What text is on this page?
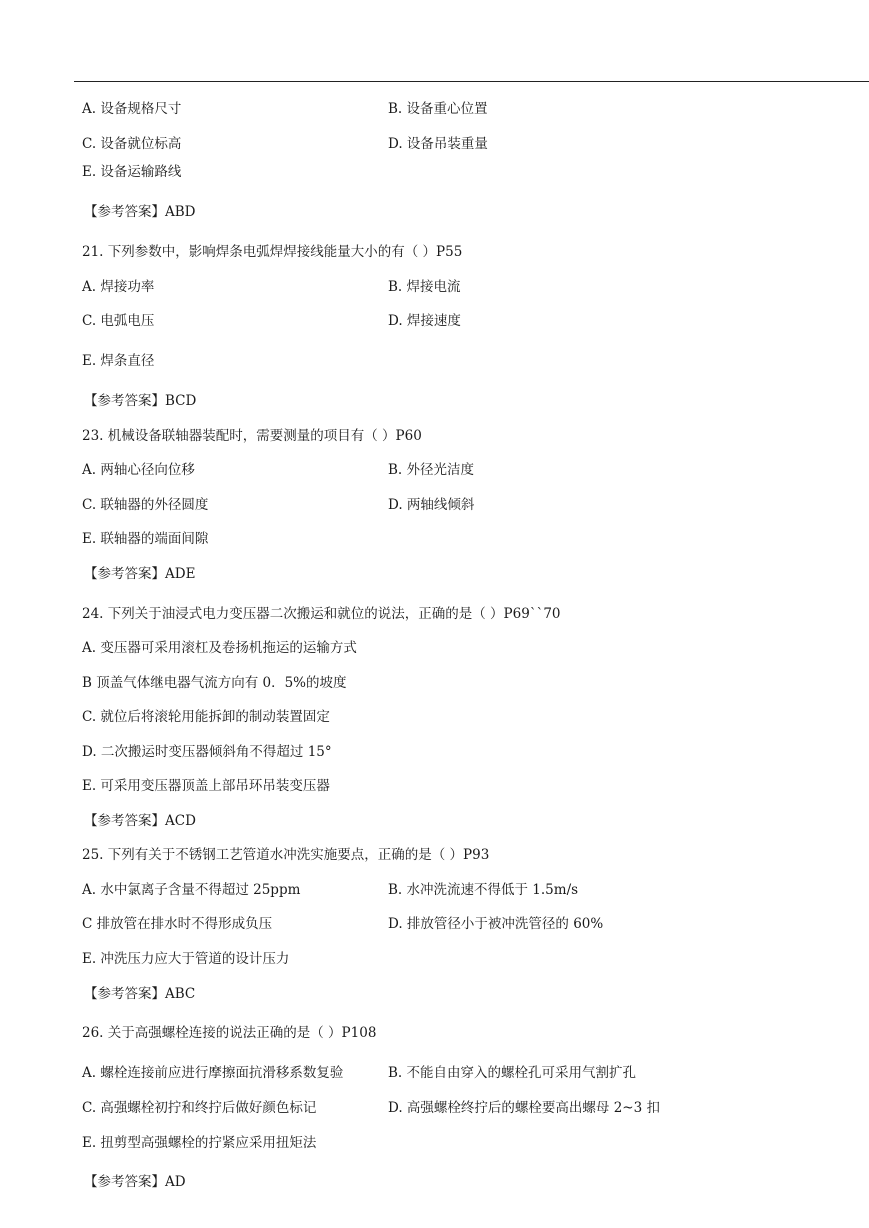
A. 设备规格尺寸	B. 设备重心位置
C. 设备就位标高	D. 设备吊装重量
E. 设备运输路线
【参考答案】ABD
21. 下列参数中，影响焊条电弧焊焊接线能量大小的有（ ）P55
A. 焊接功率	B. 焊接电流
C. 电弧电压	D. 焊接速度
E. 焊条直径
【参考答案】BCD
23. 机械设备联轴器装配时，需要测量的项目有（ ）P60
A. 两轴心径向位移	B. 外径光洁度
C. 联轴器的外径圆度	D. 两轴线倾斜
E. 联轴器的端面间隙
【参考答案】ADE
24. 下列关于油浸式电力变压器二次搬运和就位的说法，正确的是（ ）P69``70
A. 变压器可采用滚杠及卷扬机拖运的运输方式
B 顶盖气体继电器气流方向有 0．5%的坡度
C. 就位后将滚轮用能拆卸的制动装置固定
D. 二次搬运时变压器倾斜角不得超过 15°
E. 可采用变压器顶盖上部吊环吊装变压器
【参考答案】ACD
25. 下列有关于不锈钢工艺管道水冲洗实施要点，正确的是（ ）P93
A. 水中氯离子含量不得超过 25ppm	B. 水冲洗流速不得低于 1.5m/s
C 排放管在排水时不得形成负压	D. 排放管径小于被冲洗管径的 60%
E. 冲洗压力应大于管道的设计压力
【参考答案】ABC
26. 关于高强螺栓连接的说法正确的是（ ）P108
A. 螺栓连接前应进行摩擦面抗滑移系数复验	B. 不能自由穿入的螺栓孔可采用气割扩孔
C. 高强螺栓初拧和终拧后做好颜色标记	D. 高强螺栓终拧后的螺栓要高出螺母 2~3 扣
E. 扭剪型高强螺栓的拧紧应采用扭矩法
【参考答案】AD
